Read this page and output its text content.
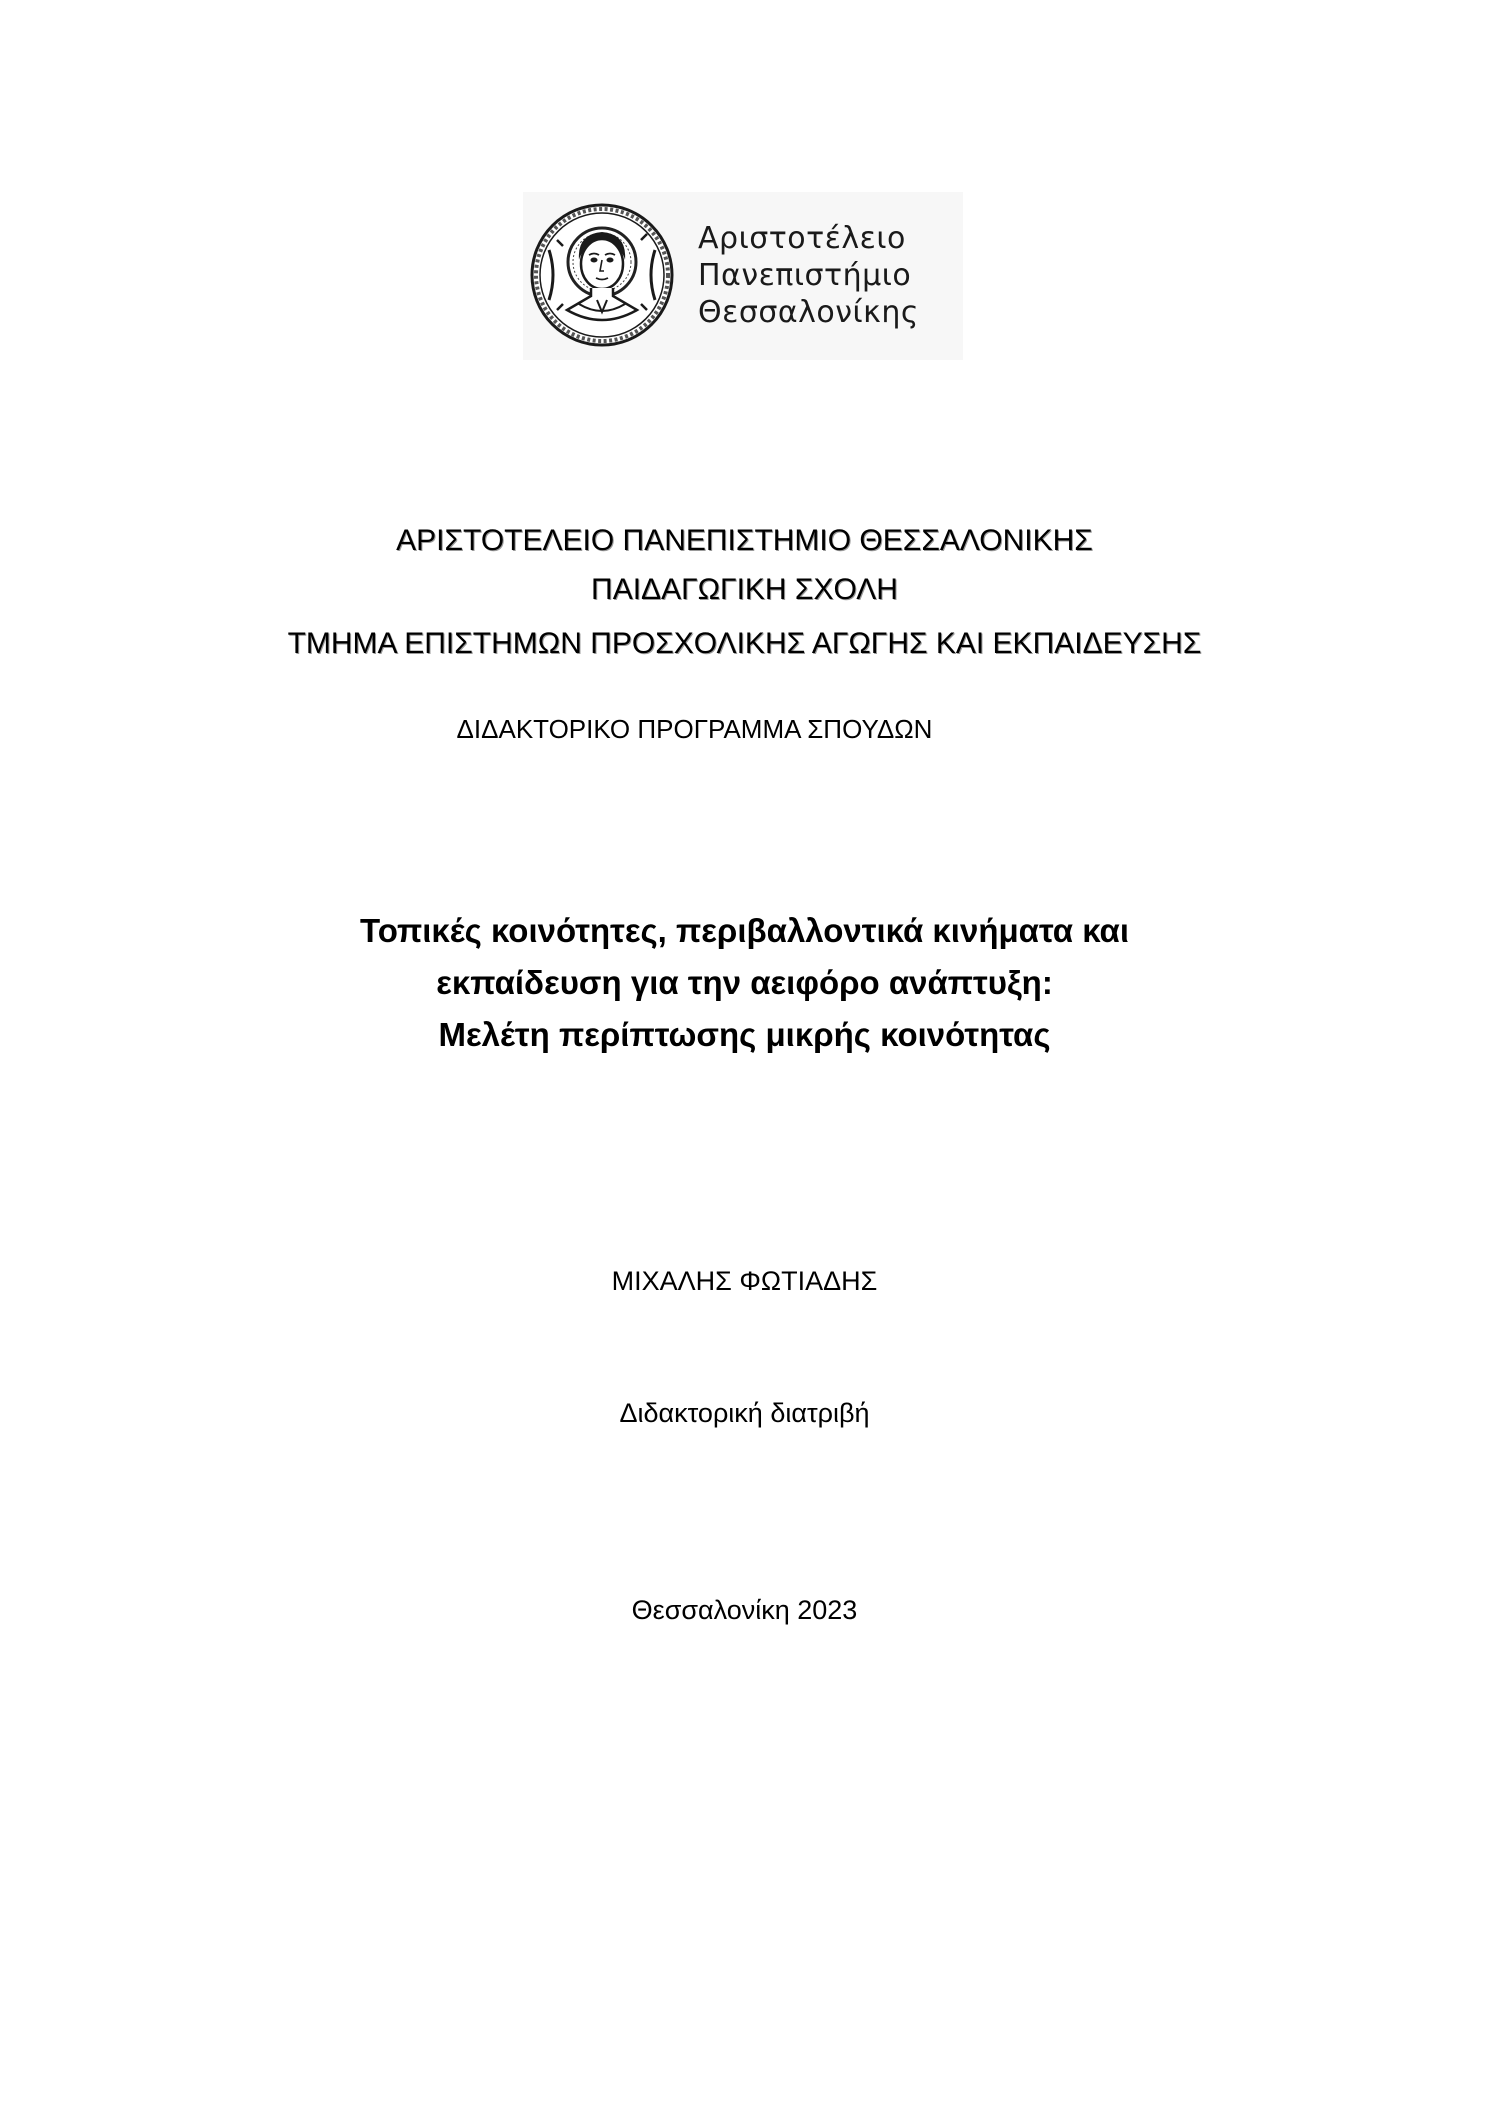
Αριστοτέλειο
Πανεπιστήμιο
Θεσσαλονίκης
ΑΡΙΣΤΟΤΕΛΕΙΟ ΠΑΝΕΠΙΣΤΗΜΙΟ ΘΕΣΣΑΛΟΝΙΚΗΣ
ΠΑΙΔΑΓΩΓΙΚΗ ΣΧΟΛΗ
ΤΜΗΜΑ ΕΠΙΣΤΗΜΩΝ ΠΡΟΣΧΟΛΙΚΗΣ ΑΓΩΓΗΣ ΚΑΙ ΕΚΠΑΙΔΕΥΣΗΣ
ΔΙΔΑΚΤΟΡΙΚΟ ΠΡΟΓΡΑΜΜΑ ΣΠΟΥΔΩΝ
Τοπικές κοινότητες, περιβαλλοντικά κινήματα και
εκπαίδευση για την αειφόρο ανάπτυξη:
Μελέτη περίπτωσης μικρής κοινότητας
ΜΙΧΑΛΗΣ ΦΩΤΙΑΔΗΣ
Διδακτορική διατριβή
Θεσσαλονίκη 2023
